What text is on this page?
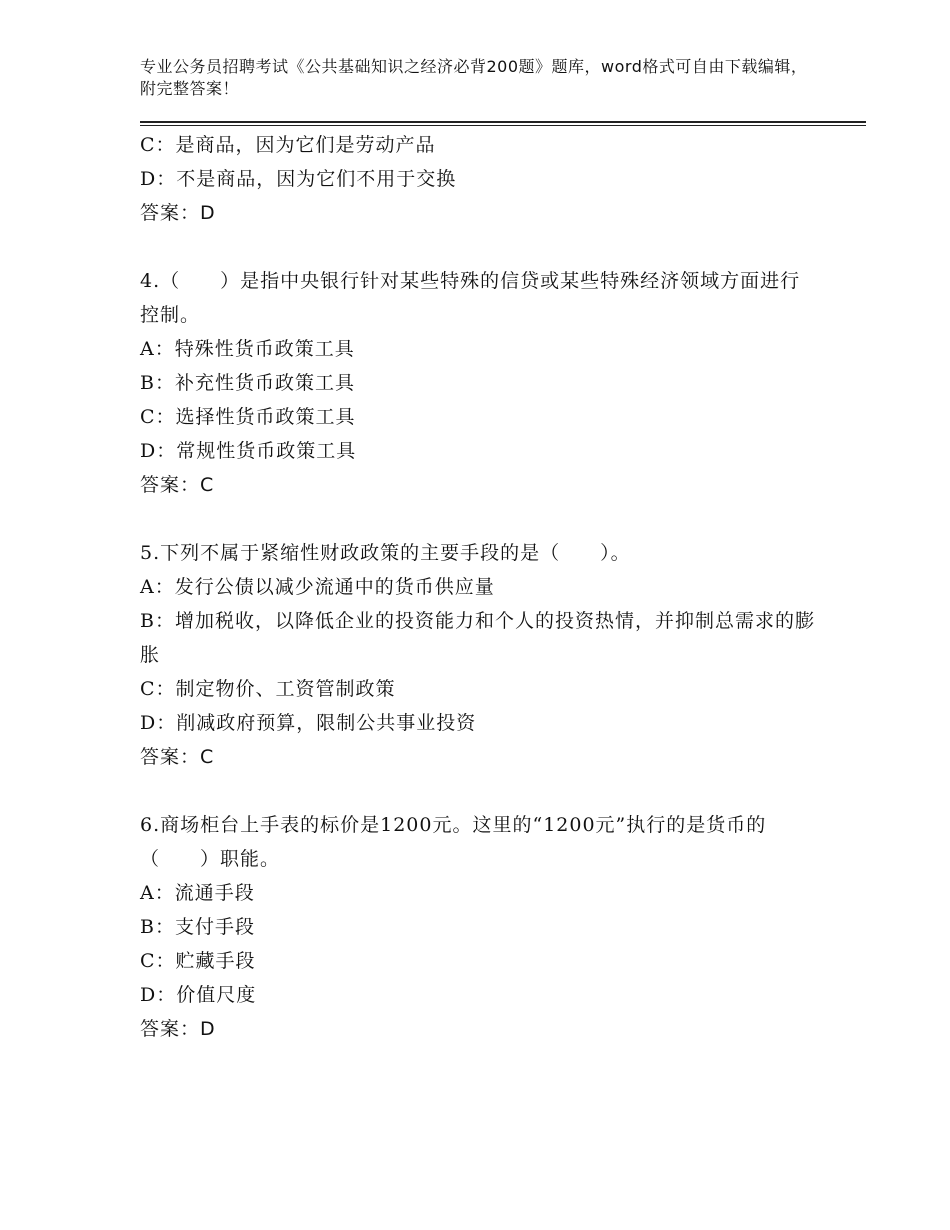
专业公务员招聘考试《公共基础知识之经济必背200题》题库，word格式可自由下载编辑，附完整答案！
C：是商品，因为它们是劳动产品
D：不是商品，因为它们不用于交换
答案：D
4.（　　）是指中央银行针对某些特殊的信贷或某些特殊经济领域方面进行控制。
A：特殊性货币政策工具
B：补充性货币政策工具
C：选择性货币政策工具
D：常规性货币政策工具
答案：C
5.下列不属于紧缩性财政政策的主要手段的是（　　）。
A：发行公债以减少流通中的货币供应量
B：增加税收，以降低企业的投资能力和个人的投资热情，并抑制总需求的膨胀
C：制定物价、工资管制政策
D：削减政府预算，限制公共事业投资
答案：C
6.商场柜台上手表的标价是1200元。这里的“1200元”执行的是货币的（　　）职能。
A：流通手段
B：支付手段
C：贮藏手段
D：价值尺度
答案：D
